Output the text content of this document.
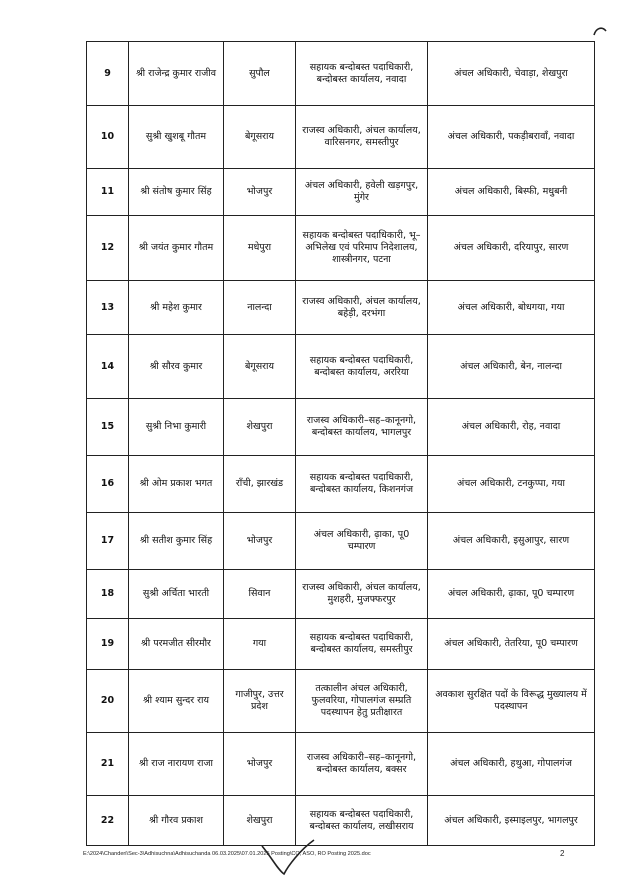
9	श्री राजेन्द्र कुमार राजीव	सुपौल	सहायक बन्दोबस्त पदाधिकारी, बन्दोबस्त कार्यालय, नवादा	अंचल अधिकारी, चेवाड़ा, शेखपुरा
10	सुश्री खुशबू गौतम	बेगूसराय	राजस्व अधिकारी, अंचल कार्यालय, वारिसनगर, समस्तीपुर	अंचल अधिकारी, पकड़ीबरावाँ, नवादा
11	श्री संतोष कुमार सिंह	भोजपुर	अंचल अधिकारी, हवेली खड़गपुर, मुंगेर	अंचल अधिकारी, बिस्फी, मधुबनी
12	श्री जयंत कुमार गौतम	मधेपुरा	सहायक बन्दोबस्त पदाधिकारी, भू–अभिलेख एवं परिमाप निदेशालय, शास्त्रीनगर, पटना	अंचल अधिकारी, दरियापुर, सारण
13	श्री महेश कुमार	नालन्दा	राजस्व अधिकारी, अंचल कार्यालय, बहेड़ी, दरभंगा	अंचल अधिकारी, बोधगया, गया
14	श्री सौरव कुमार	बेगूसराय	सहायक बन्दोबस्त पदाधिकारी, बन्दोबस्त कार्यालय, अररिया	अंचल अधिकारी, बेन, नालन्दा
15	सुश्री निभा कुमारी	शेखपुरा	राजस्व अधिकारी–सह–कानूनगो, बन्दोबस्त कार्यालय, भागलपुर	अंचल अधिकारी, रोह, नवादा
16	श्री ओम प्रकाश भगत	राँची, झारखंड	सहायक बन्दोबस्त पदाधिकारी, बन्दोबस्त कार्यालय, किशनगंज	अंचल अधिकारी, टनकुप्पा, गया
17	श्री सतीश कुमार सिंह	भोजपुर	अंचल अधिकारी, ढ़ाका, पू0 चम्पारण	अंचल अधिकारी, इसुआपुर, सारण
18	सुश्री अर्चिता भारती	सिवान	राजस्व अधिकारी, अंचल कार्यालय, मुशहरी, मुजफ्फरपुर	अंचल अधिकारी, ढ़ाका, पू0 चम्पारण
19	श्री परमजीत सीरमौर	गया	सहायक बन्दोबस्त पदाधिकारी, बन्दोबस्त कार्यालय, समस्तीपुर	अंचल अधिकारी, तेतरिया, पू0 चम्पारण
20	श्री श्याम सुन्दर राय	गाजीपुर, उत्तर प्रदेश	तत्कालीन अंचल अधिकारी, फुलवरिया, गोपालगंज सम्प्रति पदस्थापन हेतु प्रतीक्षारत	अवकाश सुरक्षित पदों के विरूद्ध मुख्यालय में पदस्थापन
21	श्री राज नारायण राजा	भोजपुर	राजस्व अधिकारी–सह–कानूनगो, बन्दोबस्त कार्यालय, बक्सर	अंचल अधिकारी, हथुआ, गोपालगंज
22	श्री गौरव प्रकाश	शेखपुरा	सहायक बन्दोबस्त पदाधिकारी, बन्दोबस्त कार्यालय, लखीसराय	अंचल अधिकारी, इस्माइलपुर, भागलपुर
E:\2024\Chanderi\Sec-3\Adhisuchna\Adhisuchanda 06.03.2025\07.01.2025 Posting\CO, ASO, RO Posting 2025.doc	2
